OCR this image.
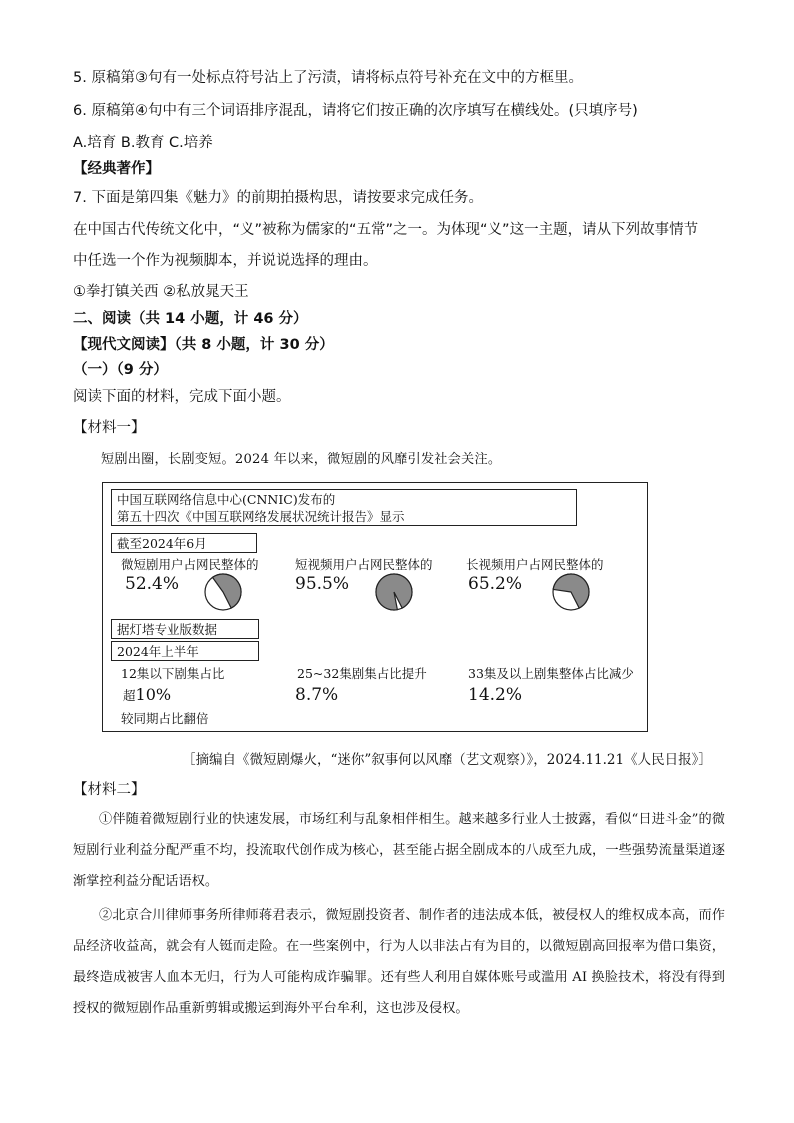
5. 原稿第③句有一处标点符号沾上了污渍，请将标点符号补充在文中的方框里。
6. 原稿第④句中有三个词语排序混乱，请将它们按正确的次序填写在横线处。(只填序号)
A.培育 B.教育 C.培养
【经典著作】
7. 下面是第四集《魅力》的前期拍摄构思，请按要求完成任务。
在中国古代传统文化中，“义”被称为儒家的“五常”之一。为体现“义”这一主题，请从下列故事情节
中任选一个作为视频脚本，并说说选择的理由。
①拳打镇关西 ②私放晁天王
二、阅读（共 14 小题，计 46 分）
【现代文阅读】（共 8 小题，计 30 分）
（一）（9 分）
阅读下面的材料，完成下面小题。
【材料一】
短剧出圈，长剧变短。2024 年以来，微短剧的风靡引发社会关注。
中国互联网络信息中心(CNNIC)发布的
第五十四次《中国互联网络发展状况统计报告》显示
截至2024年6月
微短剧用户占网民整体的
52.4%
短视频用户占网民整体的
95.5%
长视频用户占网民整体的
65.2%
据灯塔专业版数据
2024年上半年
12集以下剧集占比
超10%
较同期占比翻倍
25~32集剧集占比提升
8.7%
33集及以上剧集整体占比减少
14.2%
［摘编自《微短剧爆火，“迷你”叙事何以风靡（艺文观察）》，2024.11.21《人民日报》］
【材料二】
①伴随着微短剧行业的快速发展，市场红利与乱象相伴相生。越来越多行业人士披露，看似“日进斗金”的微短剧行业利益分配严重不均，投流取代创作成为核心，甚至能占据全剧成本的八成至九成，一些强势流量渠道逐渐掌控利益分配话语权。
②北京合川律师事务所律师蒋君表示，微短剧投资者、制作者的违法成本低，被侵权人的维权成本高，而作品经济收益高，就会有人铤而走险。在一些案例中，行为人以非法占有为目的，以微短剧高回报率为借口集资，最终造成被害人血本无归，行为人可能构成诈骗罪。还有些人利用自媒体账号或滥用 AI 换脸技术，将没有得到授权的微短剧作品重新剪辑或搬运到海外平台牟利，这也涉及侵权。
